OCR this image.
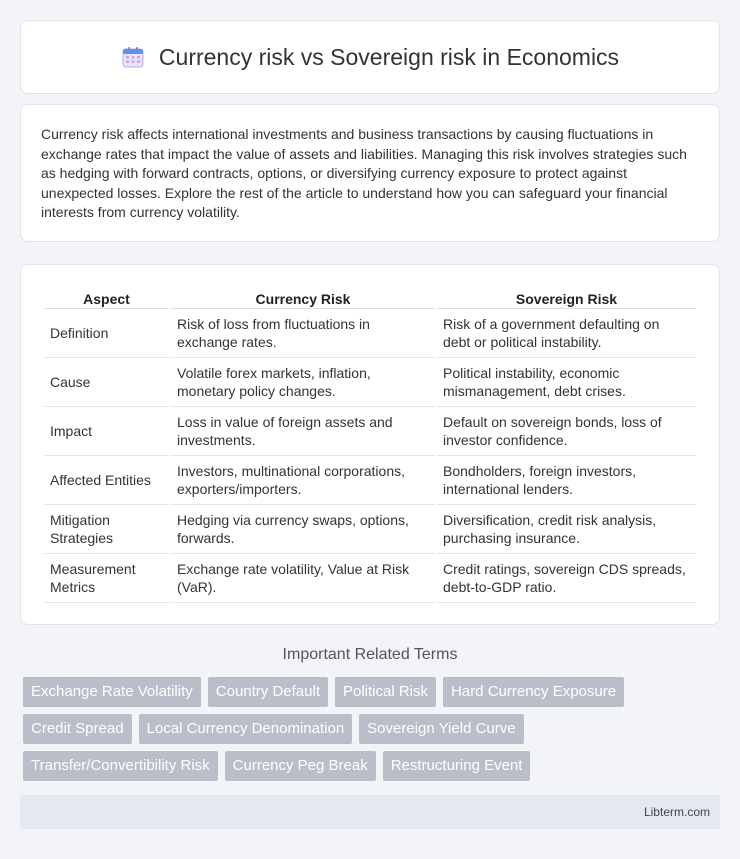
Currency risk vs Sovereign risk in Economics

Currency risk affects international investments and business transactions by causing fluctuations in exchange rates that impact the value of assets and liabilities. Managing this risk involves strategies such as hedging with forward contracts, options, or diversifying currency exposure to protect against unexpected losses. Explore the rest of the article to understand how you can safeguard your financial interests from currency volatility.

Aspect	Currency Risk	Sovereign Risk
Definition	Risk of loss from fluctuations in exchange rates.	Risk of a government defaulting on debt or political instability.
Cause	Volatile forex markets, inflation, monetary policy changes.	Political instability, economic mismanagement, debt crises.
Impact	Loss in value of foreign assets and investments.	Default on sovereign bonds, loss of investor confidence.
Affected Entities	Investors, multinational corporations, exporters/importers.	Bondholders, foreign investors, international lenders.
Mitigation Strategies	Hedging via currency swaps, options, forwards.	Diversification, credit risk analysis, purchasing insurance.
Measurement Metrics	Exchange rate volatility, Value at Risk (VaR).	Credit ratings, sovereign CDS spreads, debt-to-GDP ratio.
Important Related Terms
Exchange Rate Volatility	Country Default	Political Risk	Hard Currency Exposure
Credit Spread	Local Currency Denomination	Sovereign Yield Curve
Transfer/Convertibility Risk	Currency Peg Break	Restructuring Event
Libterm.com
